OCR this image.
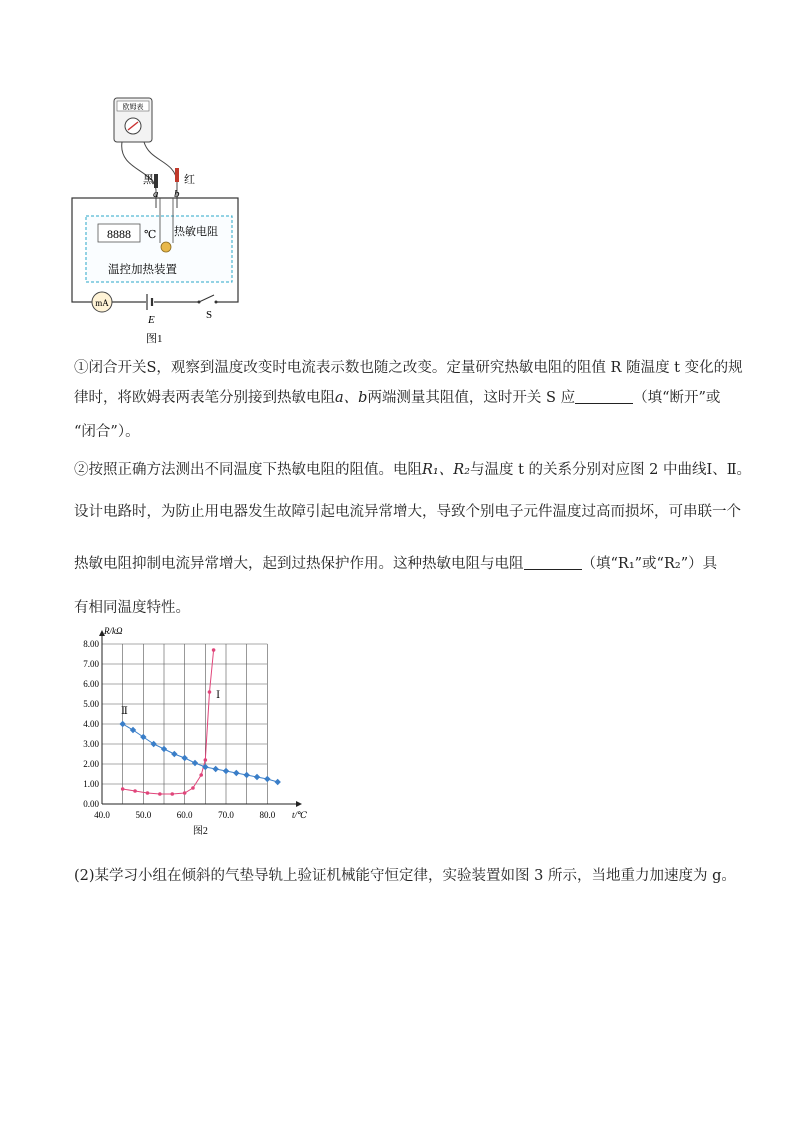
欧姆表
黑	红
a b
8888 ℃ 热敏电阻
温控加热装置
mA
E	S
图1
①闭合开关S，观察到温度改变时电流表示数也随之改变。定量研究热敏电阻的阻值 R 随温度 t 变化的规
律时，将欧姆表两表笔分别接到热敏电阻a、b两端测量其阻值，这时开关 S 应	（填“断开”或
“闭合”）。
②按照正确方法测出不同温度下热敏电阻的阻值。电阻R₁、R₂与温度 t 的关系分别对应图 2 中曲线Ⅰ、Ⅱ。
设计电路时，为防止用电器发生故障引起电流异常增大，导致个别电子元件温度过高而损坏，可串联一个
热敏电阻抑制电流异常增大，起到过热保护作用。这种热敏电阻与电阻	（填“R₁”或“R₂”）具
有相同温度特性。
0.00
1.00
2.00
3.00
4.00
5.00
6.00
7.00
8.00
40.0	50.0	60.0	70.0	80.0
R/kΩ
t/℃
图2
Ⅰ
Ⅱ
(2)某学习小组在倾斜的气垫导轨上验证机械能守恒定律，实验装置如图 3 所示，当地重力加速度为 g。
